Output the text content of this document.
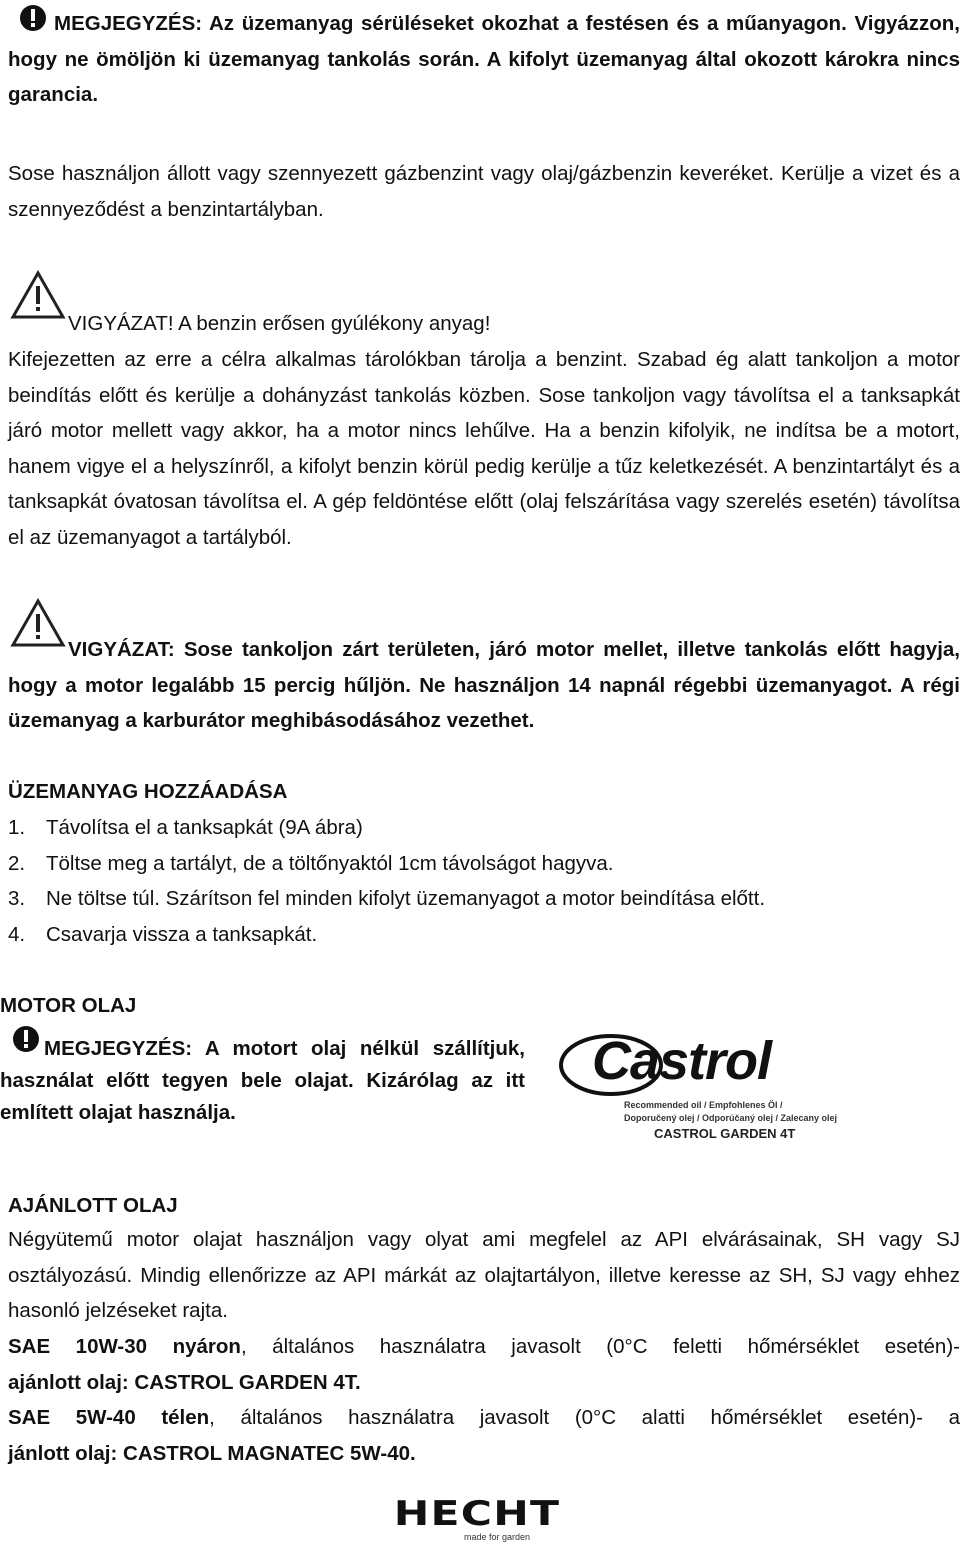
MEGJEGYZÉS: Az üzemanyag sérüléseket okozhat a festésen és a műanyagon. Vigyázzon, hogy ne ömöljön ki üzemanyag tankolás során. A kifolyt üzemanyag által okozott károkra nincs garancia.
Sose használjon állott vagy szennyezett gázbenzint vagy olaj/gázbenzin keveréket. Kerülje a vizet és a szennyeződést a benzintartályban.
VIGYÁZAT! A benzin erősen gyúlékony anyag!
Kifejezetten az erre a célra alkalmas tárolókban tárolja a benzint. Szabad ég alatt tankoljon a motor beindítás előtt és kerülje a dohányzást tankolás közben. Sose tankoljon vagy távolítsa el a tanksapkát járó motor mellett vagy akkor, ha a motor nincs lehűlve. Ha a benzin kifolyik, ne indítsa be a motort, hanem vigye el a helyszínről, a kifolyt benzin körül pedig kerülje a tűz keletkezését. A benzintartályt és a tanksapkát óvatosan távolítsa el. A gép feldöntése előtt (olaj felszárítása vagy szerelés esetén) távolítsa el az üzemanyagot a tartályból.
VIGYÁZAT: Sose tankoljon zárt területen, járó motor mellet, illetve tankolás előtt hagyja, hogy a motor legalább 15 percig hűljön. Ne használjon 14 napnál régebbi üzemanyagot. A régi üzemanyag a karburátor meghibásodásához vezethet.
ÜZEMANYAG HOZZÁADÁSA
1. Távolítsa el a tanksapkát (9A ábra)
2. Töltse meg a tartályt, de a töltőnyaktól 1cm távolságot hagyva.
3. Ne töltse túl. Szárítson fel minden kifolyt üzemanyagot a motor beindítása előtt.
4. Csavarja vissza a tanksapkát.
MOTOR OLAJ
MEGJEGYZÉS: A motort olaj nélkül szállítjuk, használat előtt tegyen bele olajat. Kizárólag az itt említett olajat használja.
Castrol
Recommended oil / Empfohlenes Öl /
Doporučený olej / Odporúčaný olej / Zalecany olej
CASTROL GARDEN 4T
AJÁNLOTT OLAJ
Négyütemű motor olajat használjon vagy olyat ami megfelel az API elvárásainak, SH vagy SJ osztályozású. Mindig ellenőrizze az API márkát az olajtartályon, illetve keresse az SH, SJ vagy ehhez hasonló jelzéseket rajta.
SAE 10W-30 nyáron, általános használatra javasolt (0°C feletti hőmérséklet esetén)-
ajánlott olaj: CASTROL GARDEN 4T.
SAE 5W-40 télen, általános használatra javasolt (0°C alatti hőmérséklet esetén)- a
jánlott olaj: CASTROL MAGNATEC 5W-40.
HECHT
made for garden
